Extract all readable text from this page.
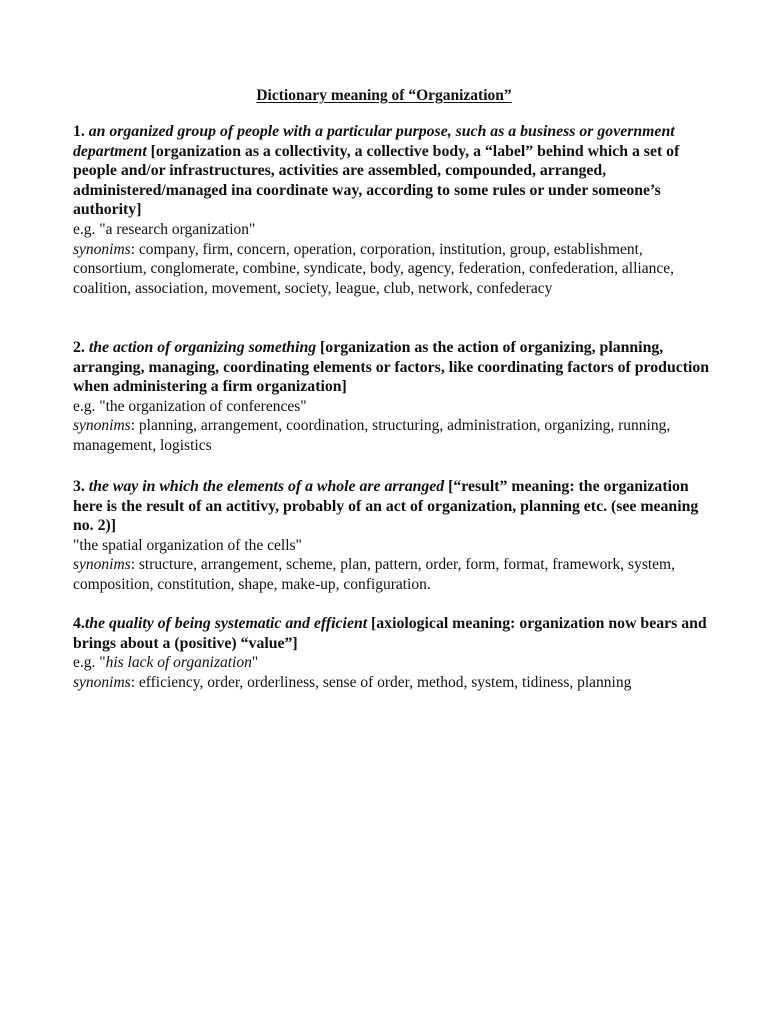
Dictionary meaning of “Organization”

1. an organized group of people with a particular purpose, such as a business or government department [organization as a collectivity, a collective body, a “label” behind which a set of people and/or infrastructures, activities are assembled, compounded, arranged, administered/managed ina coordinate way, according to some rules or under someone’s authority]

e.g. "a research organization"

synonims: company, firm, concern, operation, corporation, institution, group, establishment, consortium, conglomerate, combine, syndicate, body, agency, federation, confederation, alliance, coalition, association, movement, society, league, club, network, confederacy

2. the action of organizing something [organization as the action of organizing, planning, arranging, managing, coordinating elements or factors, like coordinating factors of production when administering a firm organization]

e.g. "the organization of conferences"

synonims: planning, arrangement, coordination, structuring, administration, organizing, running, management, logistics

3. the way in which the elements of a whole are arranged [“result” meaning: the organization here is the result of an actitivy, probably of an act of organization, planning etc. (see meaning no. 2)]

"the spatial organization of the cells"

synonims: structure, arrangement, scheme, plan, pattern, order, form, format, framework, system, composition, constitution, shape, make-up, configuration.

4.the quality of being systematic and efficient [axiological meaning: organization now bears and brings about a (positive) “value”]

e.g. "his lack of organization"

synonims: efficiency, order, orderliness, sense of order, method, system, tidiness, planning
